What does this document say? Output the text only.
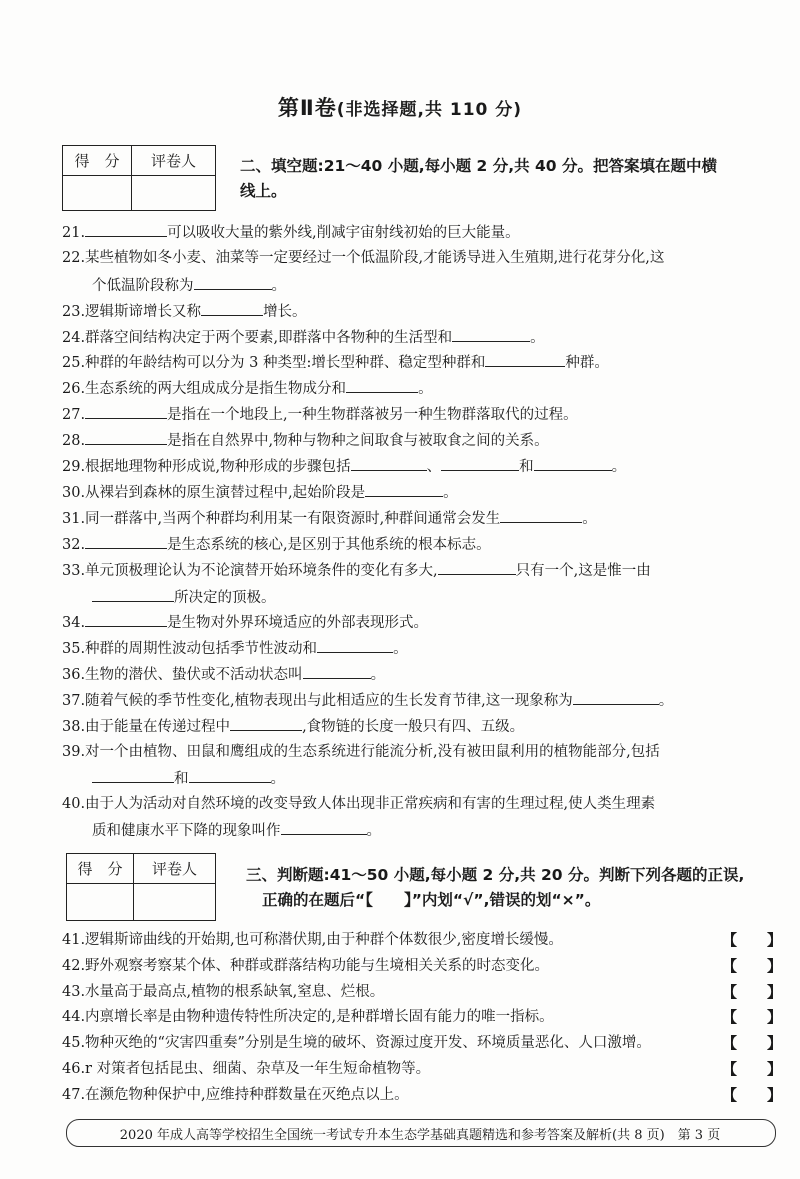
第Ⅱ卷(非选择题,共 110 分)
得　分	评卷人
		二、填空题:21～40 小题,每小题 2 分,共 40 分。把答案填在题中横
线上。
21.	可以吸收大量的紫外线,削减宇宙射线初始的巨大能量。
22.某些植物如冬小麦、油菜等一定要经过一个低温阶段,才能诱导进入生殖期,进行花芽分化,这
个低温阶段称为	。
23.逻辑斯谛增长又称	增长。
24.群落空间结构决定于两个要素,即群落中各物种的生活型和	。
25.种群的年龄结构可以分为 3 种类型:增长型种群、稳定型种群和	种群。
26.生态系统的两大组成成分是指生物成分和	。
27.	是指在一个地段上,一种生物群落被另一种生物群落取代的过程。
28.	是指在自然界中,物种与物种之间取食与被取食之间的关系。
29.根据地理物种形成说,物种形成的步骤包括	、	和	。
30.从裸岩到森林的原生演替过程中,起始阶段是	。
31.同一群落中,当两个种群均利用某一有限资源时,种群间通常会发生	。
32.	是生态系统的核心,是区别于其他系统的根本标志。
33.单元顶极理论认为不论演替开始环境条件的变化有多大,	只有一个,这是惟一由
所决定的顶极。
34.	是生物对外界环境适应的外部表现形式。
35.种群的周期性波动包括季节性波动和	。
36.生物的潜伏、蛰伏或不活动状态叫	。
37.随着气候的季节性变化,植物表现出与此相适应的生长发育节律,这一现象称为	。
38.由于能量在传递过程中	,食物链的长度一般只有四、五级。
39.对一个由植物、田鼠和鹰组成的生态系统进行能流分析,没有被田鼠利用的植物能部分,包括
和	。
40.由于人为活动对自然环境的改变导致人体出现非正常疾病和有害的生理过程,使人类生理素
质和健康水平下降的现象叫作	。
得　分	评卷人
		三、判断题:41～50 小题,每小题 2 分,共 20 分。判断下列各题的正误,
正确的在题后“【　　】”内划“√”,错误的划“×”。
41.逻辑斯谛曲线的开始期,也可称潜伏期,由于种群个体数很少,密度增长缓慢。	【　　】
42.野外观察考察某个体、种群或群落结构功能与生境相关关系的时态变化。	【　　】
43.水量高于最高点,植物的根系缺氧,窒息、烂根。	【　　】
44.内禀增长率是由物种遗传特性所决定的,是种群增长固有能力的唯一指标。	【　　】
45.物种灭绝的“灾害四重奏”分别是生境的破坏、资源过度开发、环境质量恶化、人口激增。	【　　】
46.r 对策者包括昆虫、细菌、杂草及一年生短命植物等。	【　　】
47.在濒危物种保护中,应维持种群数量在灭绝点以上。	【　　】
2020 年成人高等学校招生全国统一考试专升本生态学基础真题精选和参考答案及解析(共 8 页)　第 3 页
